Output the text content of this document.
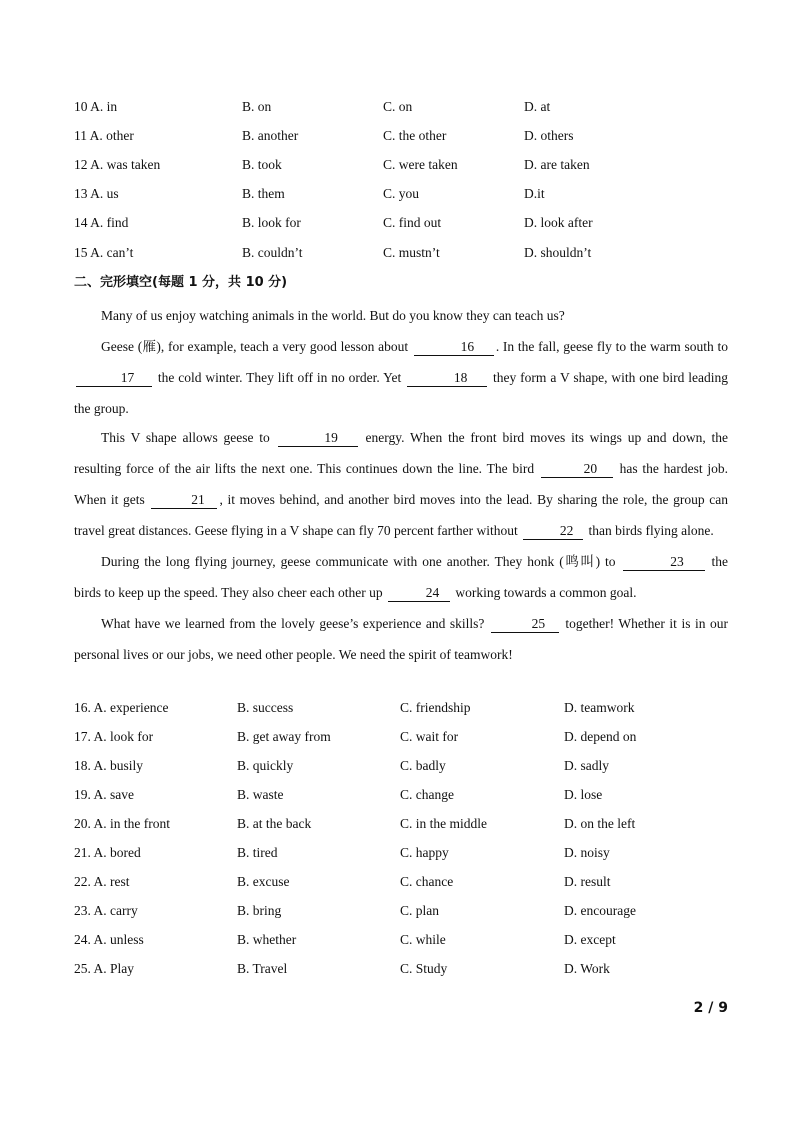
10 A. in	B. on	C. on	D. at
11 A. other	B. another	C. the other	D. others
12 A. was taken	B. took	C. were taken	D. are taken
13 A. us	B. them	C. you	D.it
14 A. find	B. look for	C. find out	D. look after
15 A. can’t	B. couldn’t	C. mustn’t	D. shouldn’t
二、完形填空(每题 1 分，共 10 分)

Many of us enjoy watching animals in the world. But do you know they can teach us?

Geese (雁), for example, teach a very good lesson about	16 . In the fall, geese fly to the warm south to 17 the cold winter. They lift off in no order. Yet	18 they form a V shape, with one bird leading the group.

This V shape allows geese to	19 energy. When the front bird moves its wings up and down, the resulting force of the air lifts the next one. This continues down the line. The bird	20 has the hardest job. When it gets	21 , it moves behind, and another bird moves into the lead. By sharing the role, the group can travel great distances. Geese flying in a V shape can fly 70 percent farther without	22 than birds flying alone.

During the long flying journey, geese communicate with one another. They honk (鸣叫) to	23 the birds to keep up the speed. They also cheer each other up	24 working towards a common goal.

What have we learned from the lovely geese’s experience and skills?	25 together! Whether it is in our personal lives or our jobs, we need other people. We need the spirit of teamwork!

16. A. experience	B. success	C. friendship	D. teamwork
17. A. look for	B. get away from	C. wait for	D. depend on
18. A. busily	B. quickly	C. badly	D. sadly
19. A. save	B. waste	C. change	D. lose
20. A. in the front	B. at the back	C. in the middle	D. on the left
21. A. bored	B. tired	C. happy	D. noisy
22. A. rest	B. excuse	C. chance	D. result
23. A. carry	B. bring	C. plan	D. encourage
24. A. unless	B. whether	C. while	D. except
25. A. Play	B. Travel	C. Study	D. Work
2 / 9
